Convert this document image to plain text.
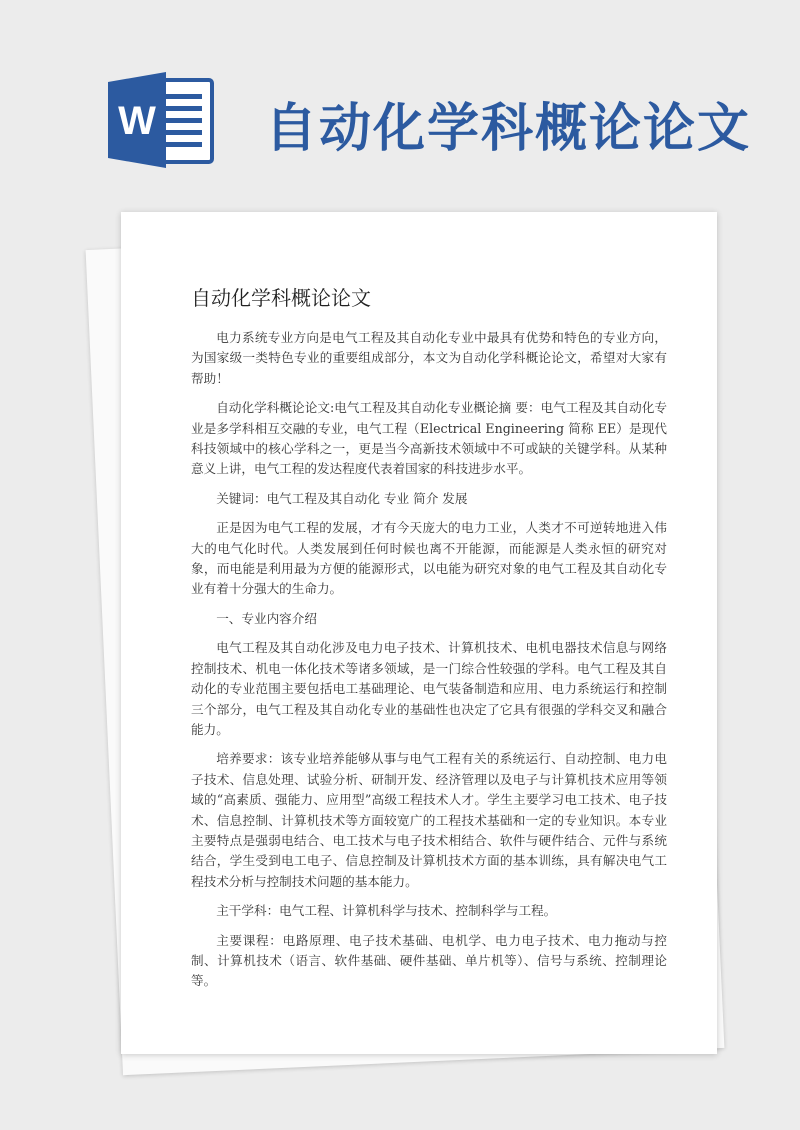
W 自动化学科概论论文
自动化学科概论论文

电力系统专业方向是电气工程及其自动化专业中最具有优势和特色的专业方向，为国家级一类特色专业的重要组成部分，本文为自动化学科概论论文，希望对大家有帮助！

自动化学科概论论文:电气工程及其自动化专业概论摘 要：电气工程及其自动化专业是多学科相互交融的专业，电气工程（Electrical Engineering 简称 EE）是现代科技领域中的核心学科之一，更是当今高新技术领域中不可或缺的关键学科。从某种意义上讲，电气工程的发达程度代表着国家的科技进步水平。

关键词：电气工程及其自动化 专业 简介 发展

正是因为电气工程的发展，才有今天庞大的电力工业，人类才不可逆转地进入伟大的电气化时代。人类发展到任何时候也离不开能源，而能源是人类永恒的研究对象，而电能是利用最为方便的能源形式，以电能为研究对象的电气工程及其自动化专业有着十分强大的生命力。

一、专业内容介绍

电气工程及其自动化涉及电力电子技术、计算机技术、电机电器技术信息与网络控制技术、机电一体化技术等诸多领域，是一门综合性较强的学科。电气工程及其自动化的专业范围主要包括电工基础理论、电气装备制造和应用、电力系统运行和控制三个部分，电气工程及其自动化专业的基础性也决定了它具有很强的学科交叉和融合能力。

培养要求：该专业培养能够从事与电气工程有关的系统运行、自动控制、电力电子技术、信息处理、试验分析、研制开发、经济管理以及电子与计算机技术应用等领域的“高素质、强能力、应用型”高级工程技术人才。学生主要学习电工技术、电子技术、信息控制、计算机技术等方面较宽广的工程技术基础和一定的专业知识。本专业主要特点是强弱电结合、电工技术与电子技术相结合、软件与硬件结合、元件与系统结合，学生受到电工电子、信息控制及计算机技术方面的基本训练，具有解决电气工程技术分析与控制技术问题的基本能力。

主干学科：电气工程、计算机科学与技术、控制科学与工程。

主要课程：电路原理、电子技术基础、电机学、电力电子技术、电力拖动与控制、计算机技术（语言、软件基础、硬件基础、单片机等）、信号与系统、控制理论等。
